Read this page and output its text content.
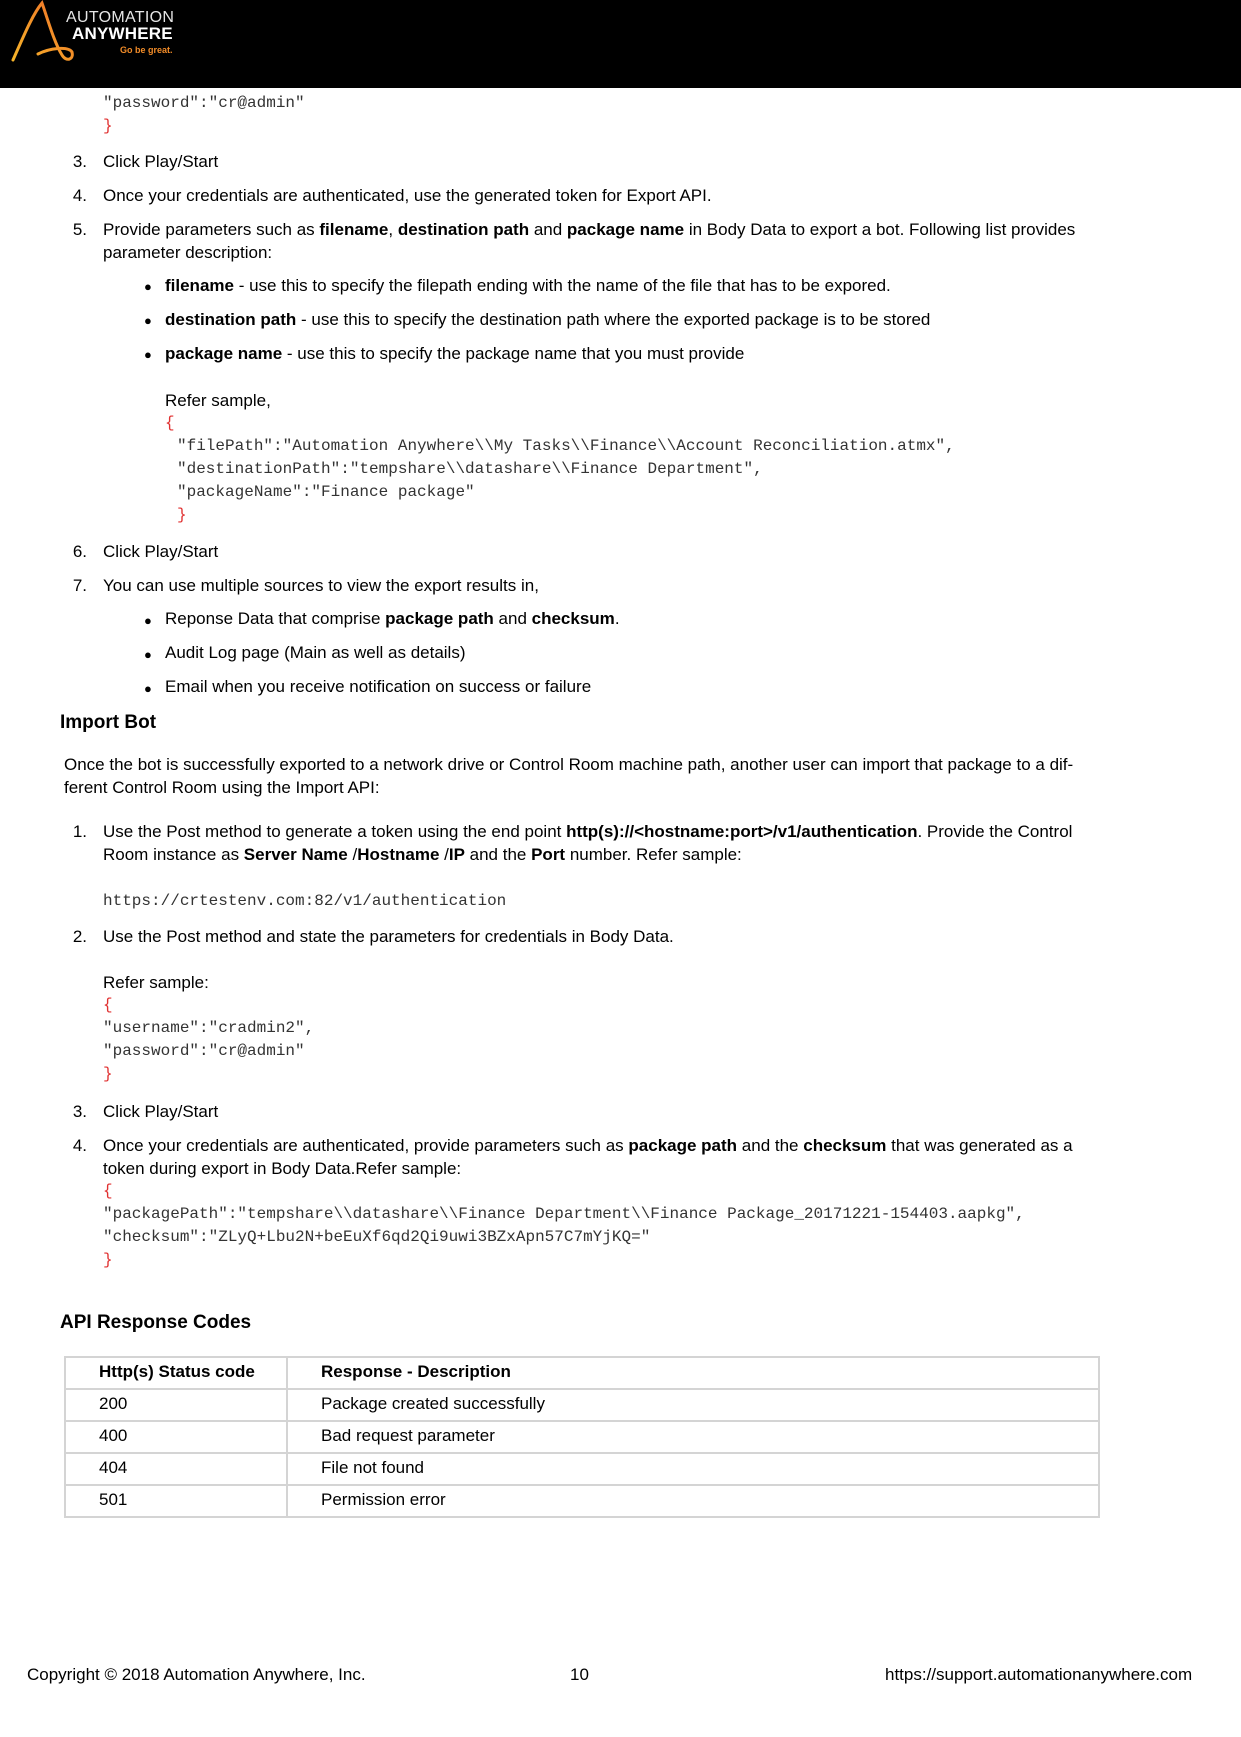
AUTOMATION
ANYWHERE
Go be great.
"password":"cr@admin"
}
3. Click Play/Start
4. Once your credentials are authenticated, use the generated token for Export API.
5. Provide parameters such as filename, destination path and package name in Body Data to export a bot. Following list provides
parameter description:
● filename - use this to specify the filepath ending with the name of the file that has to be expored.
● destination path - use this to specify the destination path where the exported package is to be stored
● package name - use this to specify the package name that you must provide
Refer sample,
{
"filePath":"Automation Anywhere\\My Tasks\\Finance\\Account Reconciliation.atmx",
"destinationPath":"tempshare\\datashare\\Finance Department",
"packageName":"Finance package"
}
6. Click Play/Start
7. You can use multiple sources to view the export results in,
● Reponse Data that comprise package path and checksum.
● Audit Log page (Main as well as details)
● Email when you receive notification on success or failure
Import Bot
Once the bot is successfully exported to a network drive or Control Room machine path, another user can import that package to a dif-
ferent Control Room using the Import API:
1. Use the Post method to generate a token using the end point http(s)://<hostname:port>/v1/authentication. Provide the Control
Room instance as Server Name /Hostname /IP and the Port number. Refer sample:
https://crtestenv.com:82/v1/authentication
2. Use the Post method and state the parameters for credentials in Body Data.
Refer sample:
{
"username":"cradmin2",
"password":"cr@admin"
}
3. Click Play/Start
4. Once your credentials are authenticated, provide parameters such as package path and the checksum that was generated as a
token during export in Body Data.Refer sample:
{
"packagePath":"tempshare\\datashare\\Finance Department\\Finance Package_20171221-154403.aapkg",
"checksum":"ZLyQ+Lbu2N+beEuXf6qd2Qi9uwi3BZxApn57C7mYjKQ="
}
API Response Codes
Http(s) Status code	Response - Description
200	Package created successfully
400	Bad request parameter
404	File not found
501	Permission error
Copyright © 2018 Automation Anywhere, Inc.	10	https://support.automationanywhere.com
